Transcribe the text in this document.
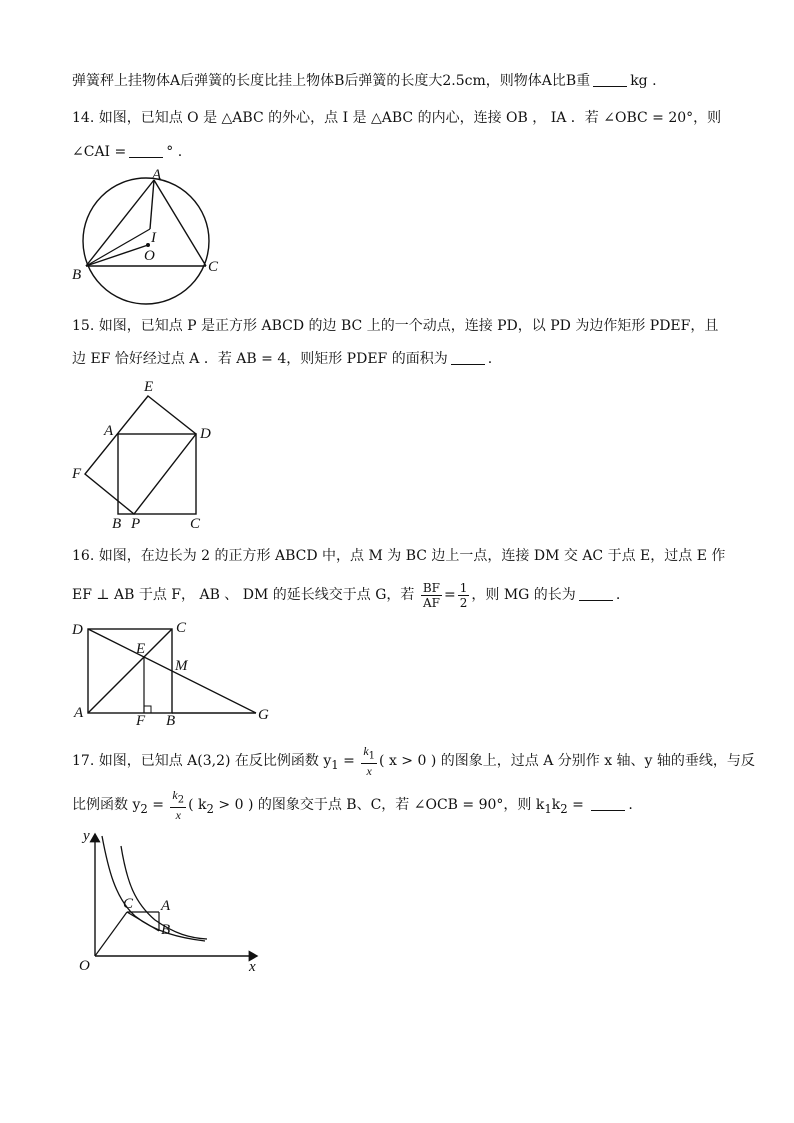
弹簧秤上挂物体A后弹簧的长度比挂上物体B后弹簧的长度大2.5cm，则物体A比B重	kg .
14. 如图，已知点 O 是 △ABC 的外心，点 I 是 △ABC 的内心，连接 OB ， IA ．若 ∠OBC = 20°，则
∠CAI =	° .
A
B	C
O
I
15. 如图，已知点 P 是正方形 ABCD 的边 BC 上的一个动点，连接 PD，以 PD 为边作矩形 PDEF，且
边 EF 恰好经过点 A ．若 AB = 4，则矩形 PDEF 的面积为	.
E
A	D
F
B P	C
16. 如图，在边长为 2 的正方形 ABCD 中，点 M 为 BC 边上一点，连接 DM 交 AC 于点 E，过点 E 作
EF ⊥ AB 于点 F， AB 、 DM 的延长线交于点 G，若 $\frac{BF}{AF} = \frac{1}{2}$ ，则 MG 的长为	.
D	C
E
M
A	F B	G
17. 如图，已知点 A(3,2) 在反比例函数 $y_1 = \frac{k_1}{x}$ ( x > 0 ) 的图象上，过点 A 分别作 x 轴、y 轴的垂线，与反
比例函数 $y_2 = \frac{k_2}{x}$ ( $k_2 > 0$ ) 的图象交于点 B、C，若 ∠OCB = 90°，则 $k_1k_2$ =	.
y
x
O
A
B
C
